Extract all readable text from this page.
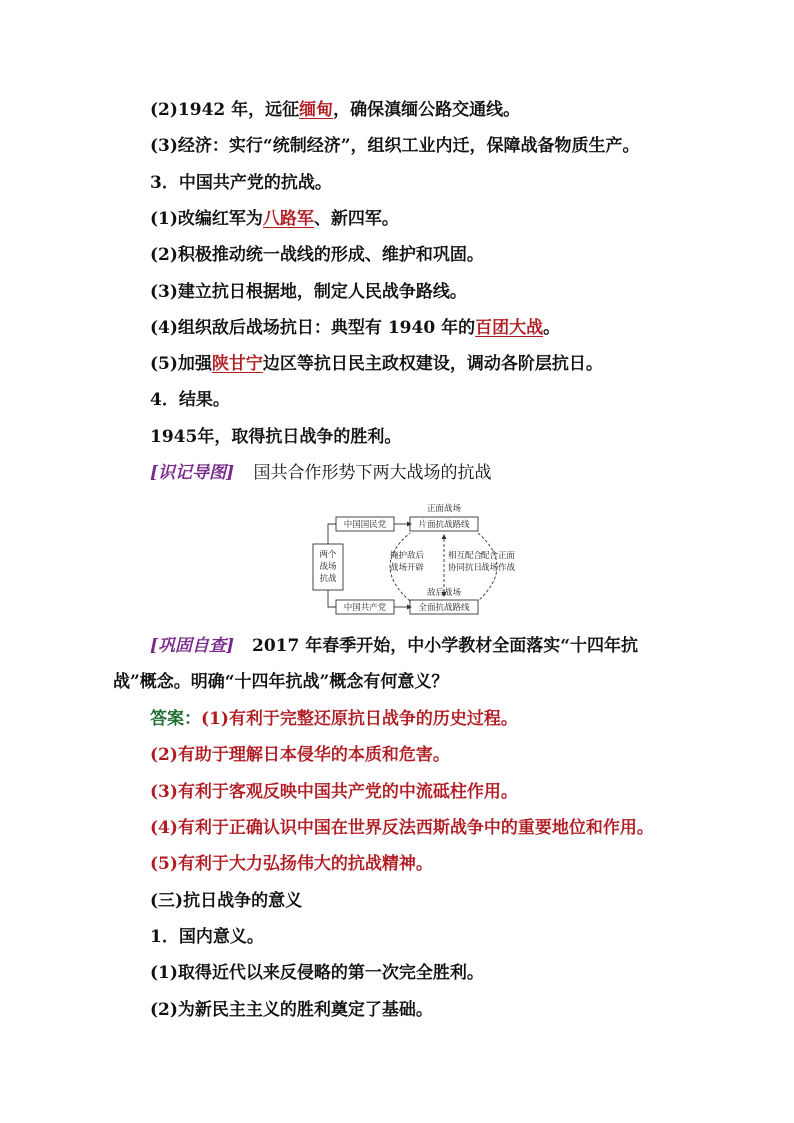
(2)1942 年，远征缅甸，确保滇缅公路交通线。
(3)经济：实行“统制经济”，组织工业内迁，保障战备物质生产。
3．中国共产党的抗战。
(1)改编红军为八路军、新四军。
(2)积极推动统一战线的形成、维护和巩固。
(3)建立抗日根据地，制定人民战争路线。
(4)组织敌后战场抗日：典型有 1940 年的百团大战。
(5)加强陕甘宁边区等抗日民主政权建设，调动各阶层抗日。
4．结果。
1945年，取得抗日战争的胜利。
[识记导图] 国共合作形势下两大战场的抗战
两个
战场
抗战
中国国民党
中国共产党
正面战场
片面抗战路线
敌后战场
全面抗战路线
掩护敌后
战场开辟
相互配合
协同抗日
配合正面
战场作战
[巩固自查] 2017 年春季开始，中小学教材全面落实“十四年抗
战”概念。明确“十四年抗战”概念有何意义？
答案：(1)有利于完整还原抗日战争的历史过程。
(2)有助于理解日本侵华的本质和危害。
(3)有利于客观反映中国共产党的中流砥柱作用。
(4)有利于正确认识中国在世界反法西斯战争中的重要地位和作用。
(5)有利于大力弘扬伟大的抗战精神。
(三)抗日战争的意义
1．国内意义。
(1)取得近代以来反侵略的第一次完全胜利。
(2)为新民主主义的胜利奠定了基础。
